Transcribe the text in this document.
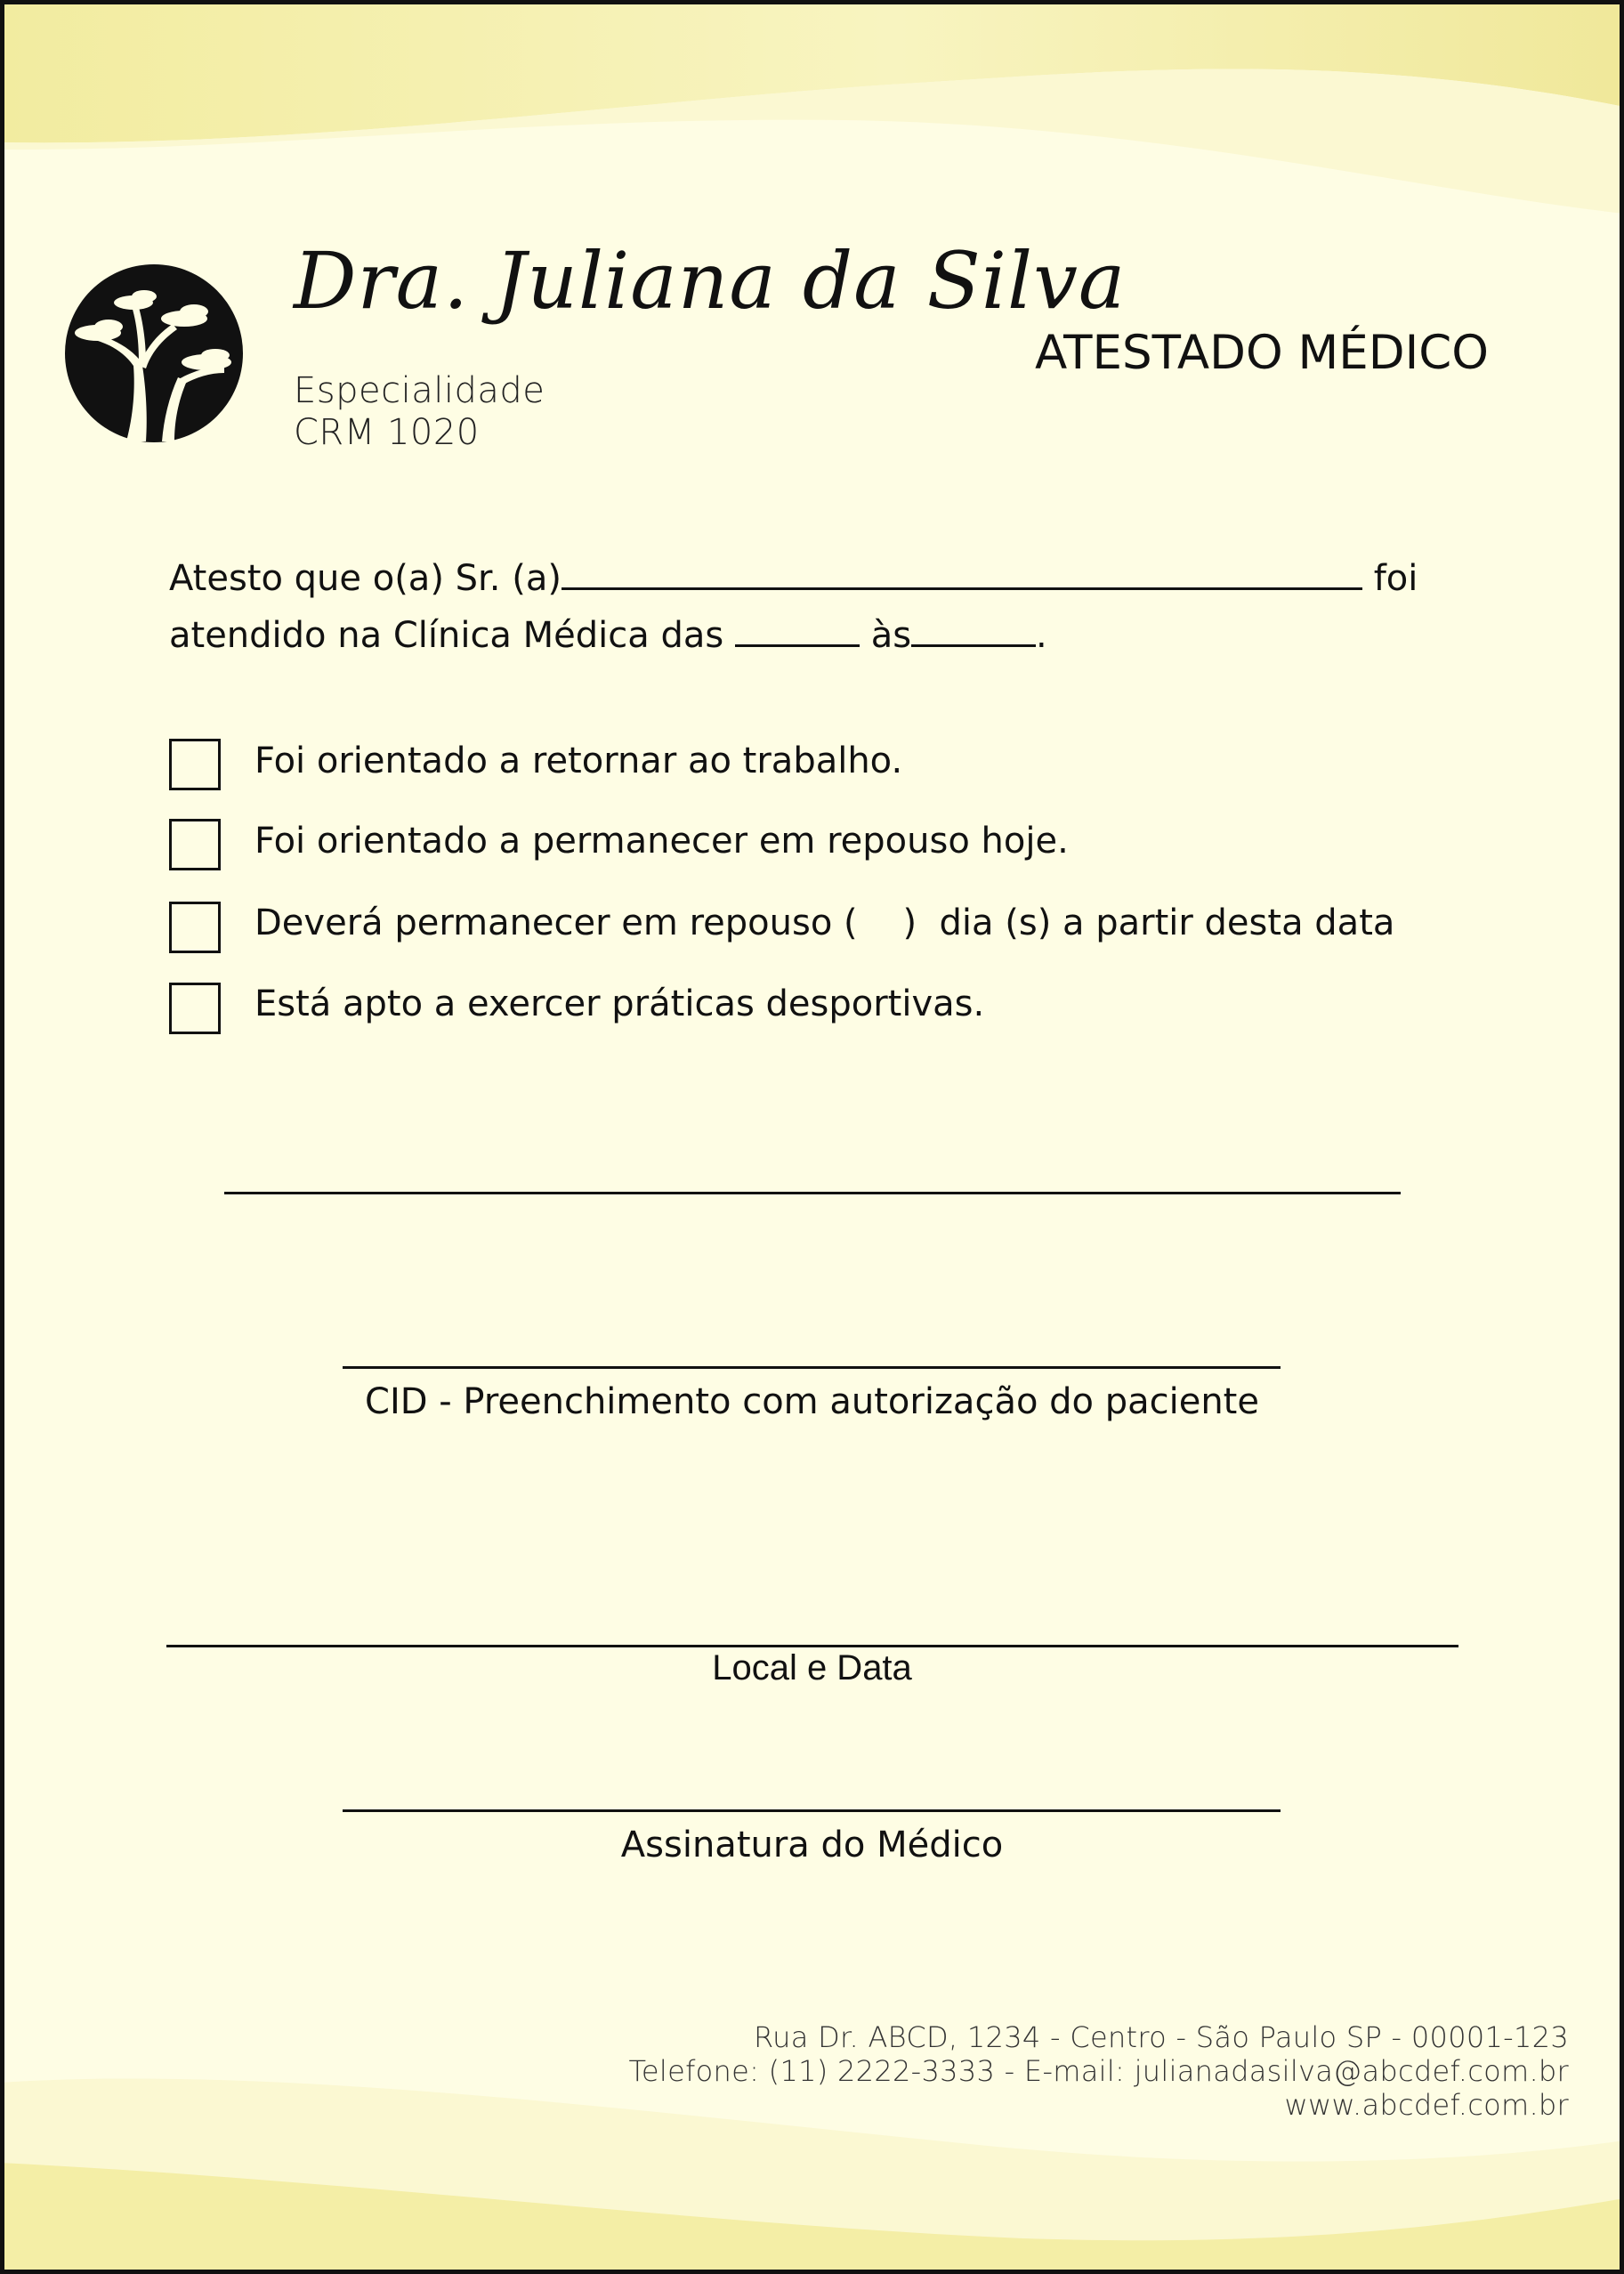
Dra. Juliana da Silva
Especialidade
CRM 1020
ATESTADO MÉDICO
Atesto que o(a) Sr. (a)	foi
atendido na Clínica Médica das	às	.
Foi orientado a retornar ao trabalho.
Foi orientado a permanecer em repouso hoje.
Deverá permanecer em repouso (    )  dia (s) a partir desta data
Está apto a exercer práticas desportivas.
CID - Preenchimento com autorização do paciente
Local e Data
Assinatura do Médico
Rua Dr. ABCD, 1234 - Centro - São Paulo SP - 00001-123
Telefone: (11) 2222-3333 - E-mail: julianadasilva@abcdef.com.br
www.abcdef.com.br
